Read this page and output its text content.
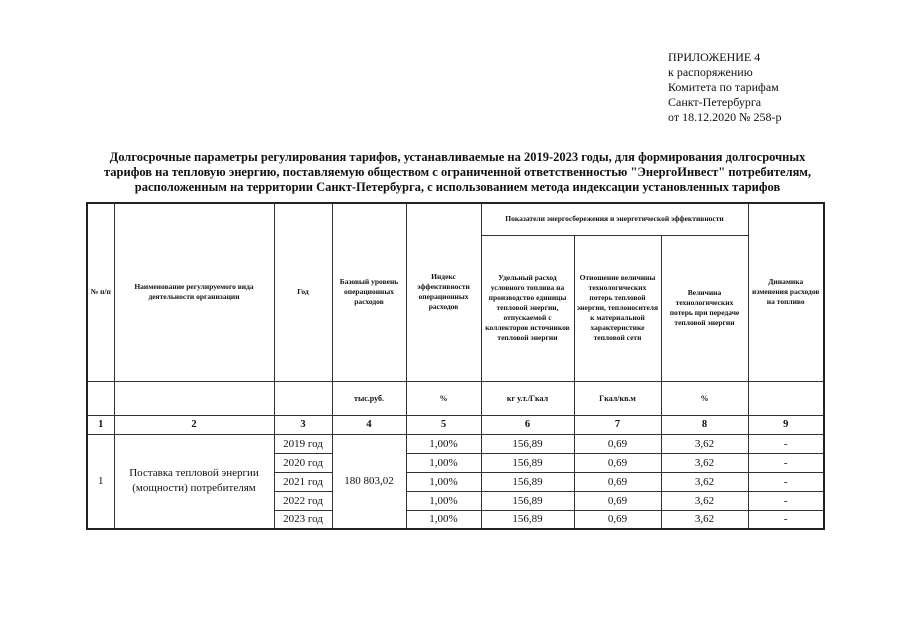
ПРИЛОЖЕНИЕ 4
к распоряжению
Комитета по тарифам
Санкт-Петербурга
от 18.12.2020 № 258-р
Долгосрочные параметры регулирования тарифов, устанавливаемые на 2019-2023 годы, для формирования долгосрочных
тарифов на тепловую энергию, поставляемую обществом с ограниченной ответственностью "ЭнергоИнвест" потребителям,
расположенным на территории Санкт-Петербурга, с использованием метода индексации установленных тарифов
№ п/п	Наименование регулируемого вида деятельности организации	Год	Базовый уровень операционных расходов	Индекс эффективности операционных расходов	Показатели энергосбережения и энергетической эффективности			Динамика изменения расходов на топливо
					Удельный расход условного топлива на производство единицы тепловой энергии, отпускаемой с коллекторов источников тепловой энергии	Отношение величины технологических потерь тепловой энергии, теплоносителя к материальной характеристике тепловой сети	Величина технологических потерь при передаче тепловой энергии	
			тыс.руб.	%	кг у.т./Гкал	Гкал/кв.м	%	
1	2	3	4	5	6	7	8	9
1	Поставка тепловой энергии (мощности) потребителям	2019 год	180 803,02	1,00%	156,89	0,69	3,62	-
		2020 год		1,00%	156,89	0,69	3,62	-
		2021 год		1,00%	156,89	0,69	3,62	-
		2022 год		1,00%	156,89	0,69	3,62	-
		2023 год		1,00%	156,89	0,69	3,62	-
